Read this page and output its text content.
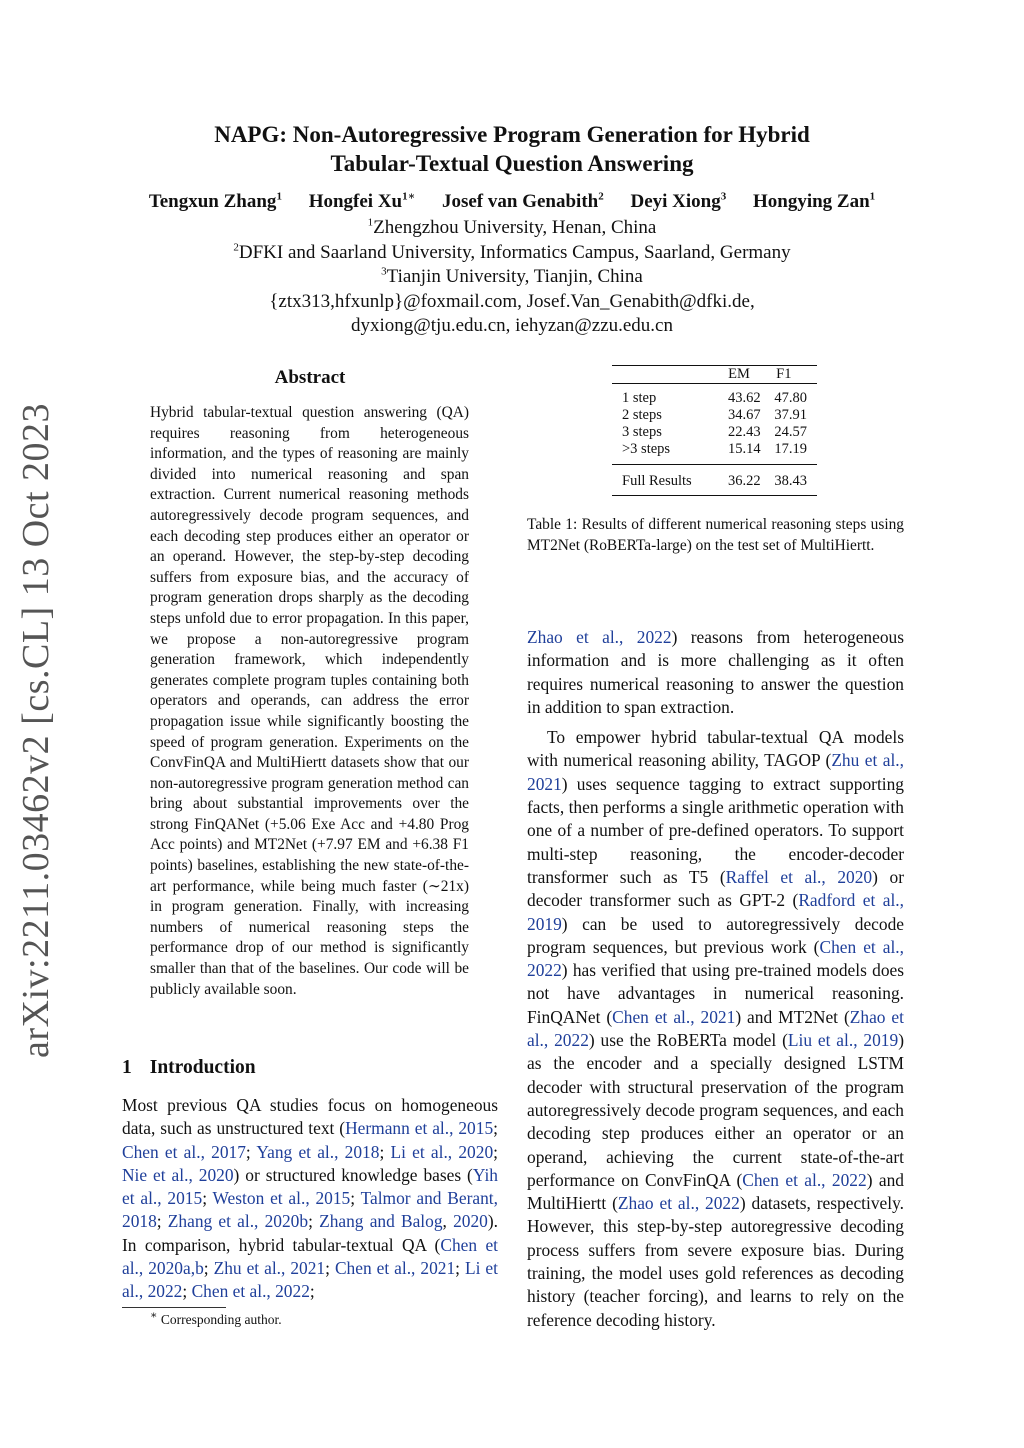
arXiv:2211.03462v2 [cs.CL] 13 Oct 2023
NAPG: Non-Autoregressive Program Generation for Hybrid
Tabular-Textual Question Answering
Tengxun Zhang$^1$ Hongfei $Xu^{1∗}$ Josef van Genabith$^2$ Deyi Xiong$^3$ Hongying Zan$^1$
$^1$Zhengzhou University, Henan, China
$^2$DFKI and Saarland University, Informatics Campus, Saarland, Germany
$^3$Tianjin University, Tianjin, China
{ztx313,hfxunlp}@foxmail.com, Josef.Van_Genabith@dfki.de,
dyxiong@tju.edu.cn, iehyzan@zzu.edu.cn
Abstract
Hybrid tabular-textual question answering (QA) requires reasoning from heterogeneous information, and the types of reasoning are mainly divided into numerical reasoning and span extraction. Current numerical reasoning methods autoregressively decode program sequences, and each decoding step produces either an operator or an operand. However, the step-by-step decoding suffers from exposure bias, and the accuracy of program generation drops sharply as the decoding steps unfold due to error propagation. In this paper, we propose a non-autoregressive program generation framework, which independently generates complete program tuples containing both operators and operands, can address the error propagation issue while significantly boosting the speed of program generation. Experiments on the ConvFinQA and MultiHiertt datasets show that our non-autoregressive program generation method can bring about substantial improvements over the strong FinQANet (+5.06 Exe Acc and +4.80 Prog Acc points) and MT2Net (+7.97 EM and +6.38 F1 points) baselines, establishing the new state-of-the-art performance, while being much faster (∼21x) in program generation. Finally, with increasing numbers of numerical reasoning steps the performance drop of our method is significantly smaller than that of the baselines. Our code will be publicly available soon.
1 Introduction
Most previous QA studies focus on homogeneous data, such as unstructured text (Hermann et al., 2015; Chen et al., 2017; Yang et al., 2018; Li et al., 2020; Nie et al., 2020) or structured knowledge bases (Yih et al., 2015; Weston et al., 2015; Talmor and Berant, 2018; Zhang et al., 2020b; Zhang and Balog, 2020). In comparison, hybrid tabular-textual QA (Chen et al., 2020a,b; Zhu et al., 2021; Chen et al., 2021; Li et al., 2022; Chen et al., 2022;
∗ Corresponding author.
	EM	F1
1 step	43.62	47.80
2 steps	34.67	37.91
3 steps	22.43	24.57
>3 steps	15.14	17.19
Full Results	36.22	38.43
Table 1: Results of different numerical reasoning steps using MT2Net (RoBERTa-large) on the test set of MultiHiertt.

Zhao et al., 2022) reasons from heterogeneous information and is more challenging as it often requires numerical reasoning to answer the question in addition to span extraction.

To empower hybrid tabular-textual QA models with numerical reasoning ability, TAGOP (Zhu et al., 2021) uses sequence tagging to extract supporting facts, then performs a single arithmetic operation with one of a number of pre-defined operators. To support multi-step reasoning, the encoder-decoder transformer such as T5 (Raffel et al., 2020) or decoder transformer such as GPT-2 (Radford et al., 2019) can be used to autoregressively decode program sequences, but previous work (Chen et al., 2022) has verified that using pre-trained models does not have advantages in numerical reasoning. FinQANet (Chen et al., 2021) and MT2Net (Zhao et al., 2022) use the RoBERTa model (Liu et al., 2019) as the encoder and a specially designed LSTM decoder with structural preservation of the program autoregressively decode program sequences, and each decoding step produces either an operator or an operand, achieving the current state-of-the-art performance on ConvFinQA (Chen et al., 2022) and MultiHiertt (Zhao et al., 2022) datasets, respectively. However, this step-by-step autoregressive decoding process suffers from severe exposure bias. During training, the model uses gold references as decoding history (teacher forcing), and learns to rely on the reference decoding history.
